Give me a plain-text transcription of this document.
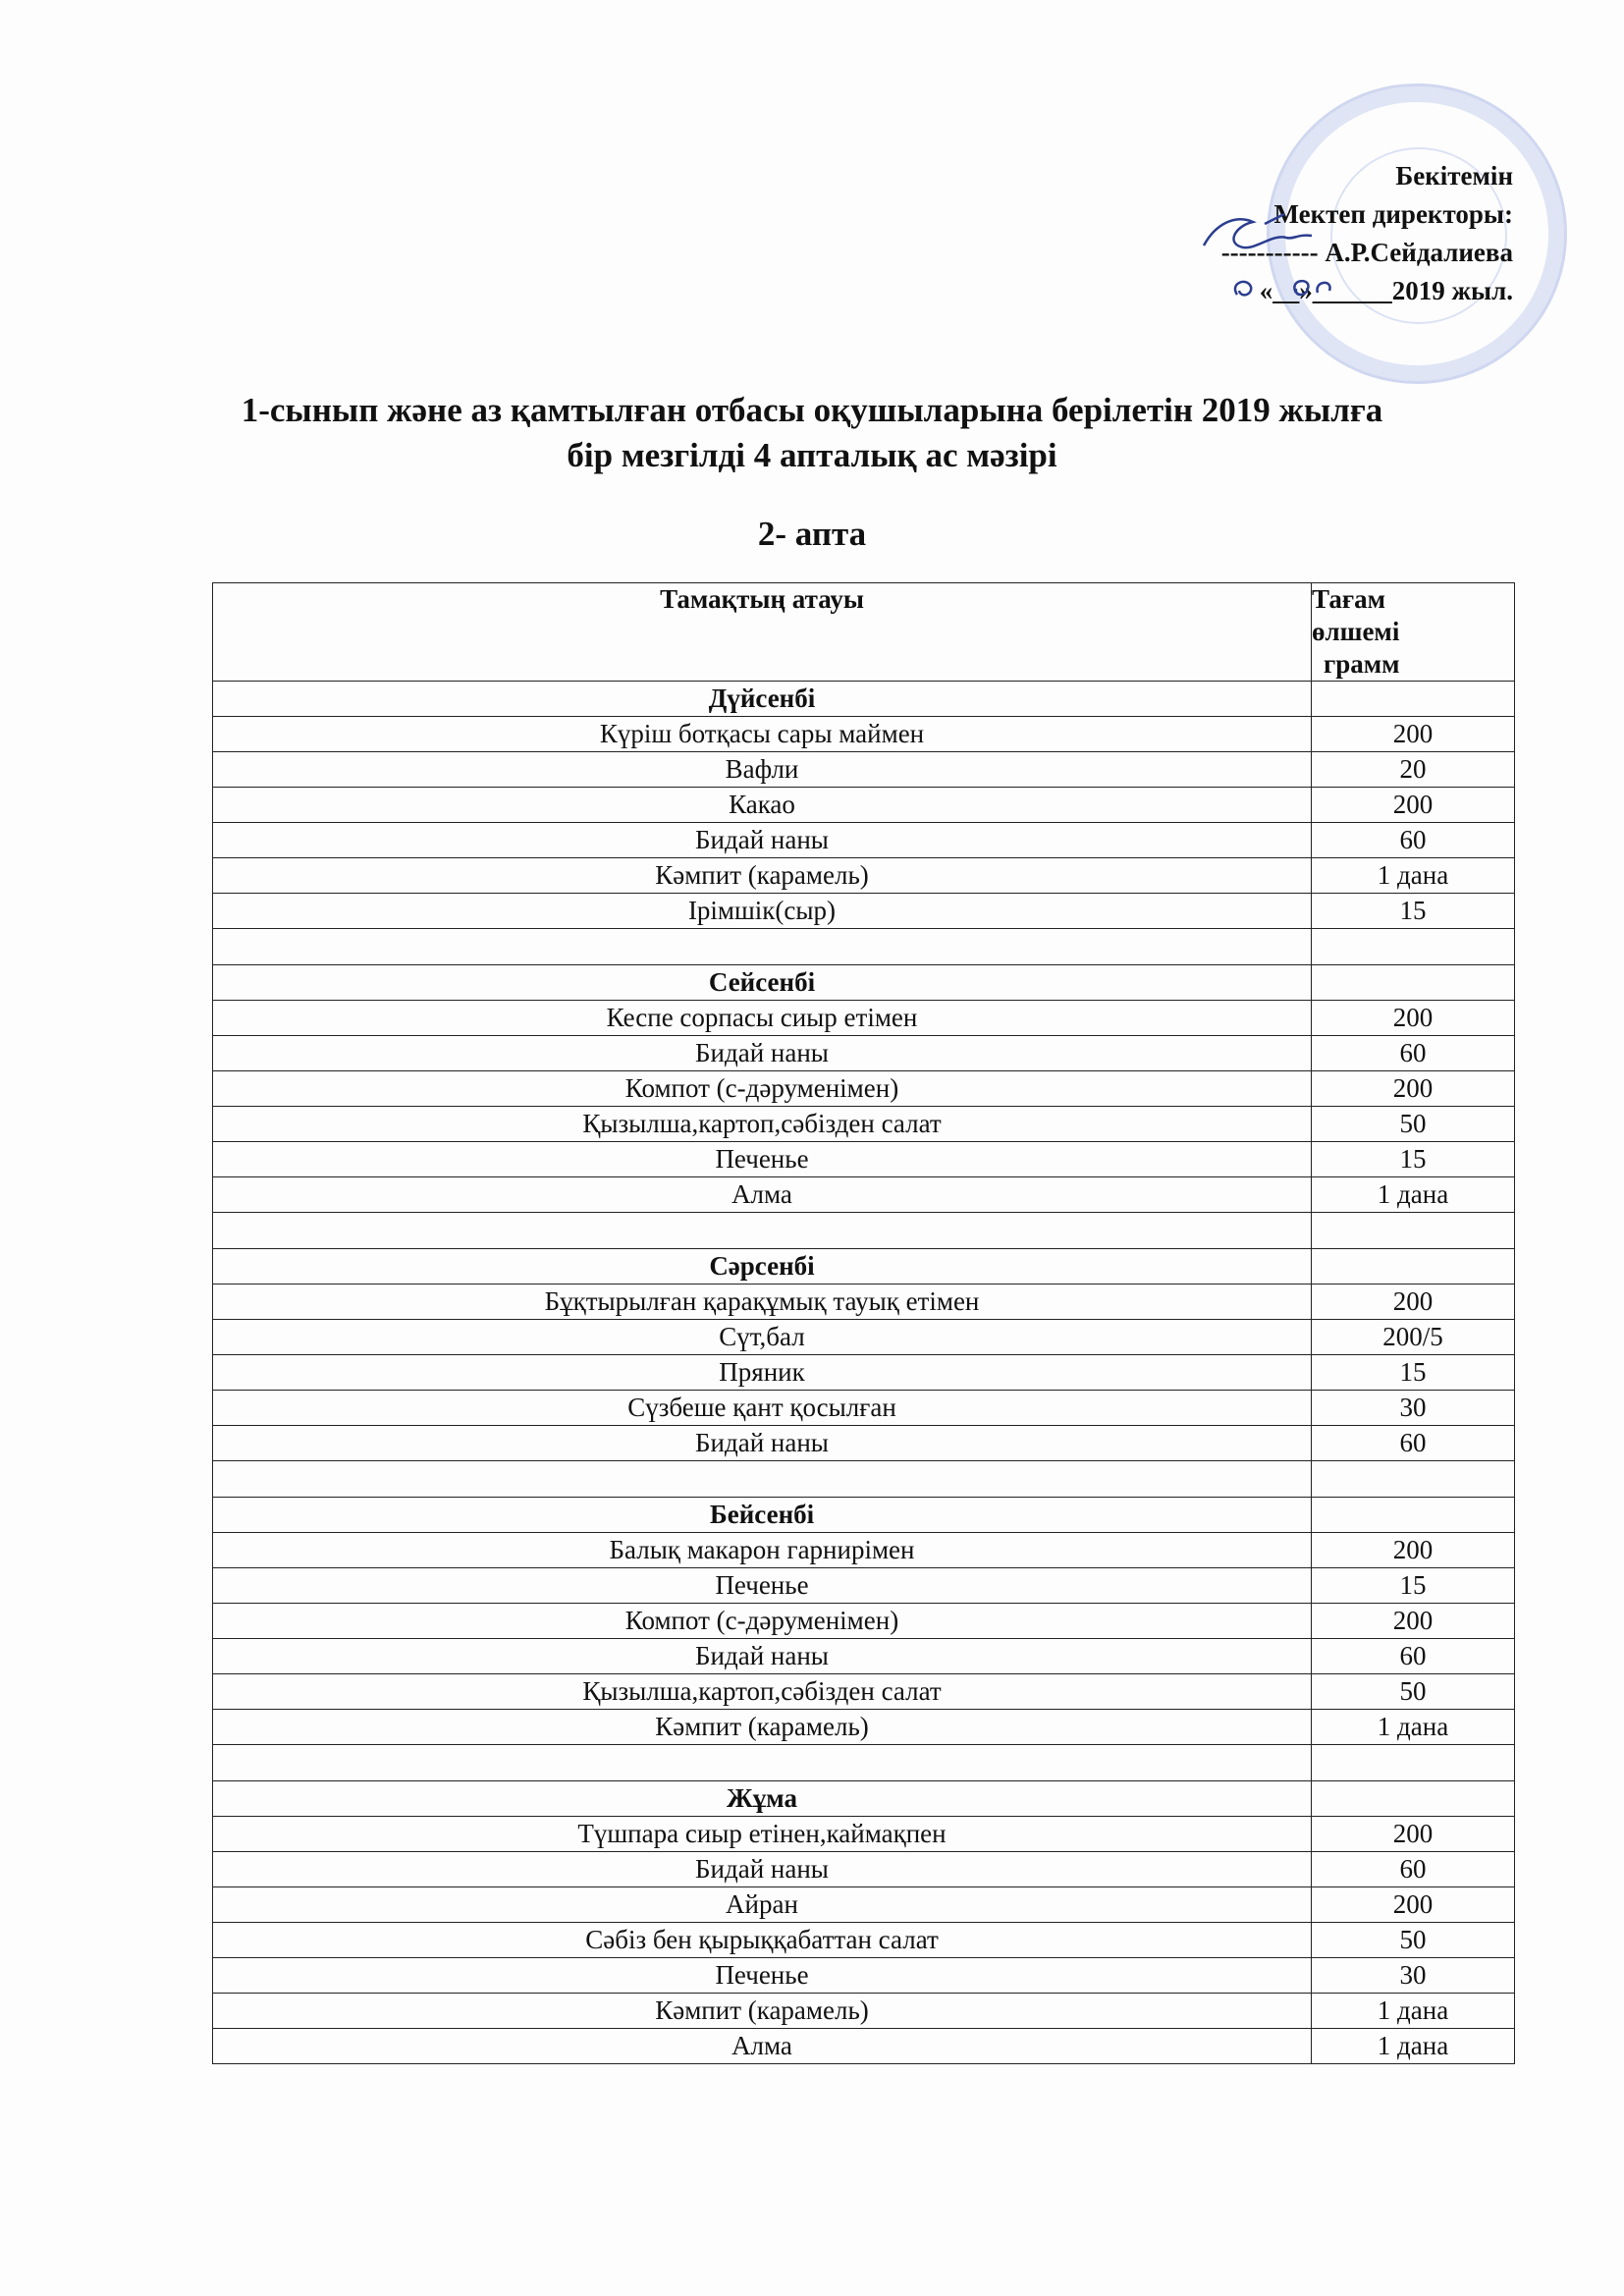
Бекітемін
Мектеп директоры:
----------- А.Р.Сейдалиева
«__»______2019 жыл.
1-сынып және аз қамтылған отбасы оқушыларына берілетін 2019 жылға
бір мезгілді 4 апталық ас мәзірі
2- апта
Тамақтың атауы	Тағам
өлшемі
грамм

Дүйсенбі	
Күріш ботқасы сары маймен	200
Вафли	20
Какао	200
Бидай наны	60
Кәмпит (карамель)	1 дана
Ірімшік(сыр)	15

Сейсенбі	
Кеспе сорпасы сиыр етімен	200
Бидай наны	60
Компот (с-дәруменімен)	200
Қызылша,картоп,сәбізден салат	50
Печенье	15
Алма	1 дана

Сәрсенбі	
Бұқтырылған қарақұмық тауық етімен	200
Сүт,бал	200/5
Пряник	15
Сүзбеше қант қосылған	30
Бидай наны	60

Бейсенбі	
Балық макарон гарнирімен	200
Печенье	15
Компот (с-дәруменімен)	200
Бидай наны	60
Қызылша,картоп,сәбізден салат	50
Кәмпит (карамель)	1 дана

Жұма	
Түшпара сиыр етінен,каймақпен	200
Бидай наны	60
Айран	200
Сәбіз бен қырыққабаттан салат	50
Печенье	30
Кәмпит (карамель)	1 дана
Алма	1 дана
